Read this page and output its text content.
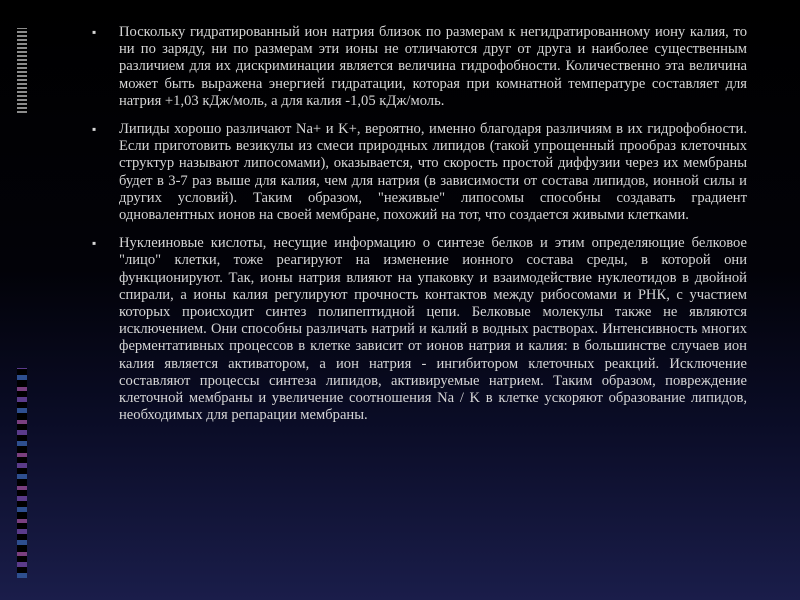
▪ Поскольку гидратированный ион натрия близок по размерам к негидратированному иону калия, то ни по заряду, ни по размерам эти ионы не отличаются друг от друга и наиболее существенным различием для их дискриминации является величина гидрофобности. Количественно эта величина может быть выражена энергией гидратации, которая при комнатной температуре составляет для натрия +1,03 кДж/моль, а для калия -1,05 кДж/моль.
▪ Липиды хорошо различают Na+ и K+, вероятно, именно благодаря различиям в их гидрофобности. Если приготовить везикулы из смеси природных липидов (такой упрощенный прообраз клеточных структур называют липосомами), оказывается, что скорость простой диффузии через их мембраны будет в 3-7 раз выше для калия, чем для натрия (в зависимости от состава липидов, ионной силы и других условий). Таким образом, "неживые" липосомы способны создавать градиент одновалентных ионов на своей мембране, похожий на тот, что создается живыми клетками.
▪ Нуклеиновые кислоты, несущие информацию о синтезе белков и этим определяющие белковое "лицо" клетки, тоже реагируют на изменение ионного состава среды, в которой они функционируют. Так, ионы натрия влияют на упаковку и взаимодействие нуклеотидов в двойной спирали, а ионы калия регулируют прочность контактов между рибосомами и РНК, с участием которых происходит синтез полипептидной цепи. Белковые молекулы также не являются исключением. Они способны различать натрий и калий в водных растворах. Интенсивность многих ферментативных процессов в клетке зависит от ионов натрия и калия: в большинстве случаев ион калия является активатором, а ион натрия - ингибитором клеточных реакций. Исключение составляют процессы синтеза липидов, активируемые натрием. Таким образом, повреждение клеточной мембраны и увеличение соотношения Na / K в клетке ускоряют образование липидов, необходимых для репарации мембраны.
